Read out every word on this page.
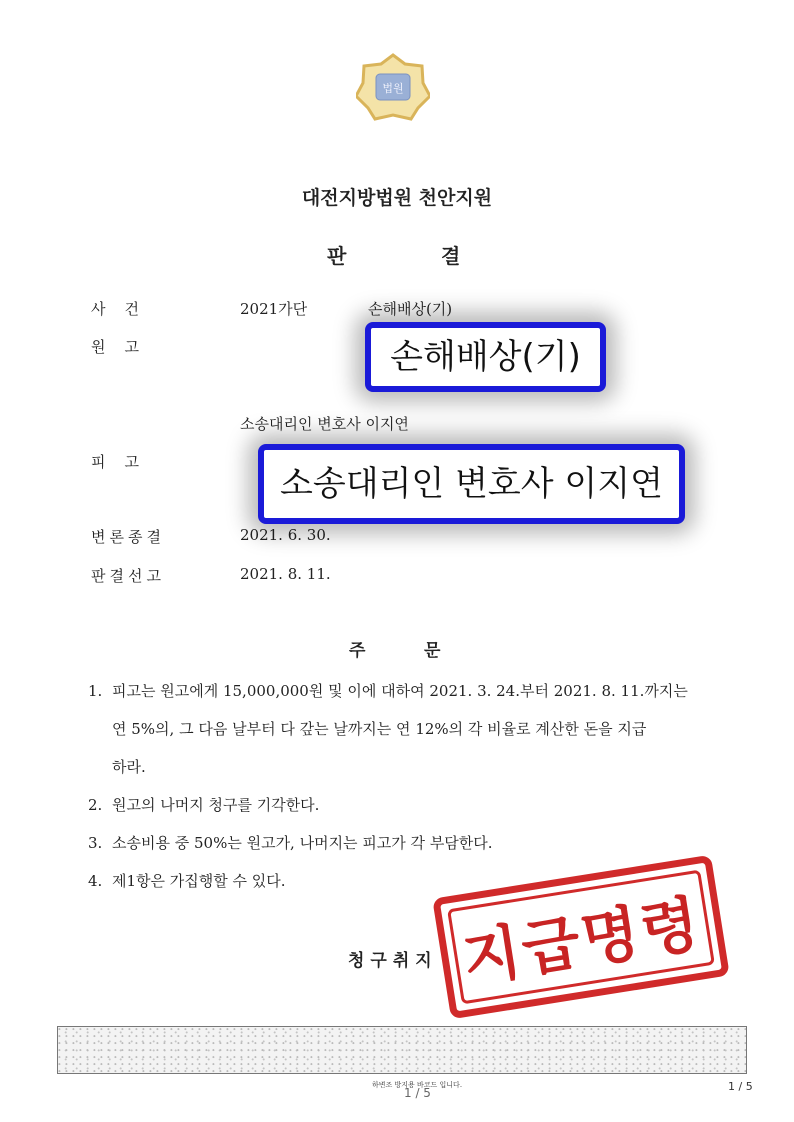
법원
대전지방법원 천안지원
판	결
사    건	2021가단	손해배상(기)
원    고
소송대리인 변호사 이지연
피    고
변론종결	2021. 6. 30.
판결선고	2021. 8. 11.
손해배상(기)
소송대리인 변호사 이지연
주	문
1. 피고는 원고에게 15,000,000원 및 이에 대하여 2021. 3. 24.부터 2021. 8. 11.까지는
연 5%의, 그 다음 날부터 다 갚는 날까지는 연 12%의 각 비율로 계산한 돈을 지급
하라.
2. 원고의 나머지 청구를 기각한다.
3. 소송비용 중 50%는 원고가, 나머지는 피고가 각 부담한다.
4. 제1항은 가집행할 수 있다.
청구취지 지급명령
하변조 방지용 바코드 입니다.
1 / 5	1 / 5
